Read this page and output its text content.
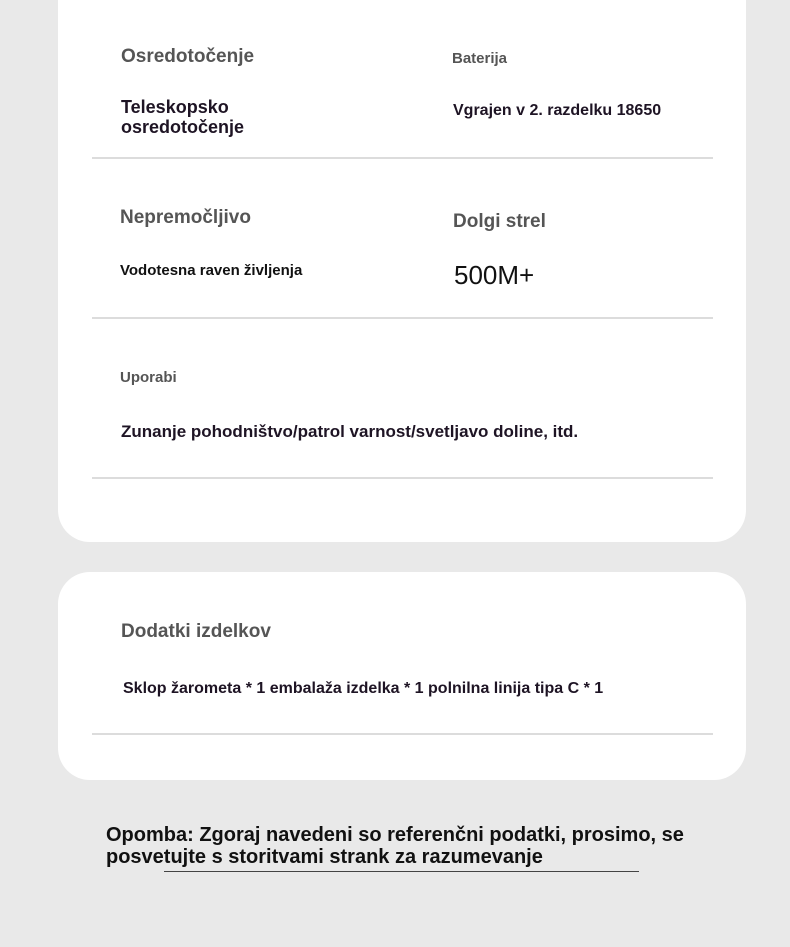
Osredotočenje
Teleskopsko osredotočenje
Baterija
Vgrajen v 2. razdelku 18650
Nepremočljivo
Vodotesna raven življenja
Dolgi strel
500M+
Uporabi
Zunanje pohodništvo/patrol varnost/svetljavo doline, itd.
Dodatki izdelkov
Sklop žarometa * 1 embalaža izdelka * 1 polnilna linija tipa C * 1
Opomba: Zgoraj navedeni so referenčni podatki, prosimo, se posvetujte s storitvami strank za razumevanje
